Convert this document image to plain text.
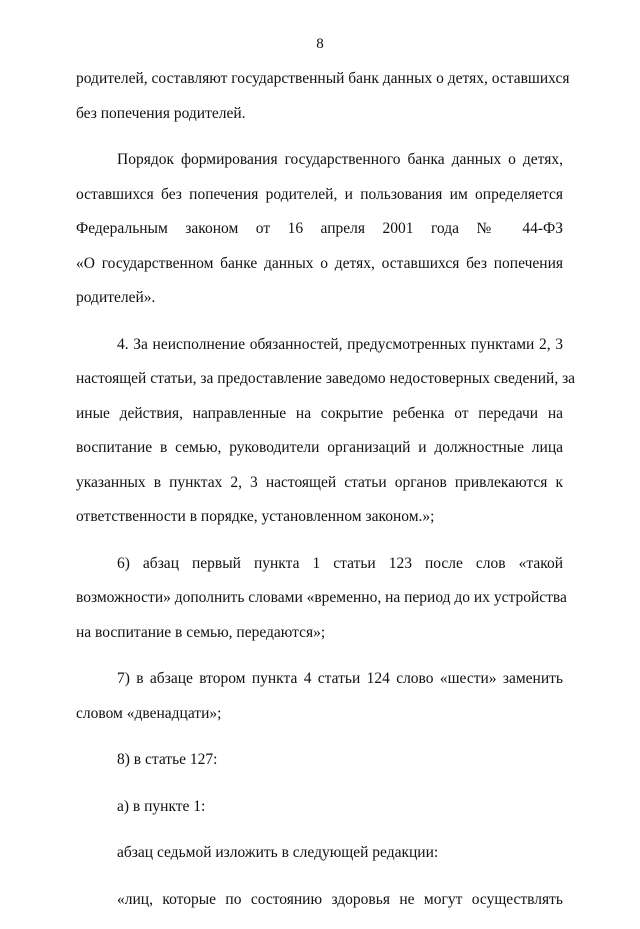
8

родителей, составляют государственный банк данных о детях, оставшихся
без попечения родителей.

Порядок формирования государственного банка данных о детях,
оставшихся без попечения родителей, и пользования им определяется
Федеральным законом от 16 апреля 2001 года № 44-ФЗ
«О государственном банке данных о детях, оставшихся без попечения
родителей».

4. За неисполнение обязанностей, предусмотренных пунктами 2, 3
настоящей статьи, за предоставление заведомо недостоверных сведений, за
иные действия, направленные на сокрытие ребенка от передачи на
воспитание в семью, руководители организаций и должностные лица
указанных в пунктах 2, 3 настоящей статьи органов привлекаются к
ответственности в порядке, установленном законом.»;

6) абзац первый пункта 1 статьи 123 после слов «такой
возможности» дополнить словами «временно, на период до их устройства
на воспитание в семью, передаются»;

7) в абзаце втором пункта 4 статьи 124 слово «шести» заменить
словом «двенадцати»;

8) в статье 127:

а) в пункте 1:

абзац седьмой изложить в следующей редакции:

«лиц, которые по состоянию здоровья не могут осуществлять
